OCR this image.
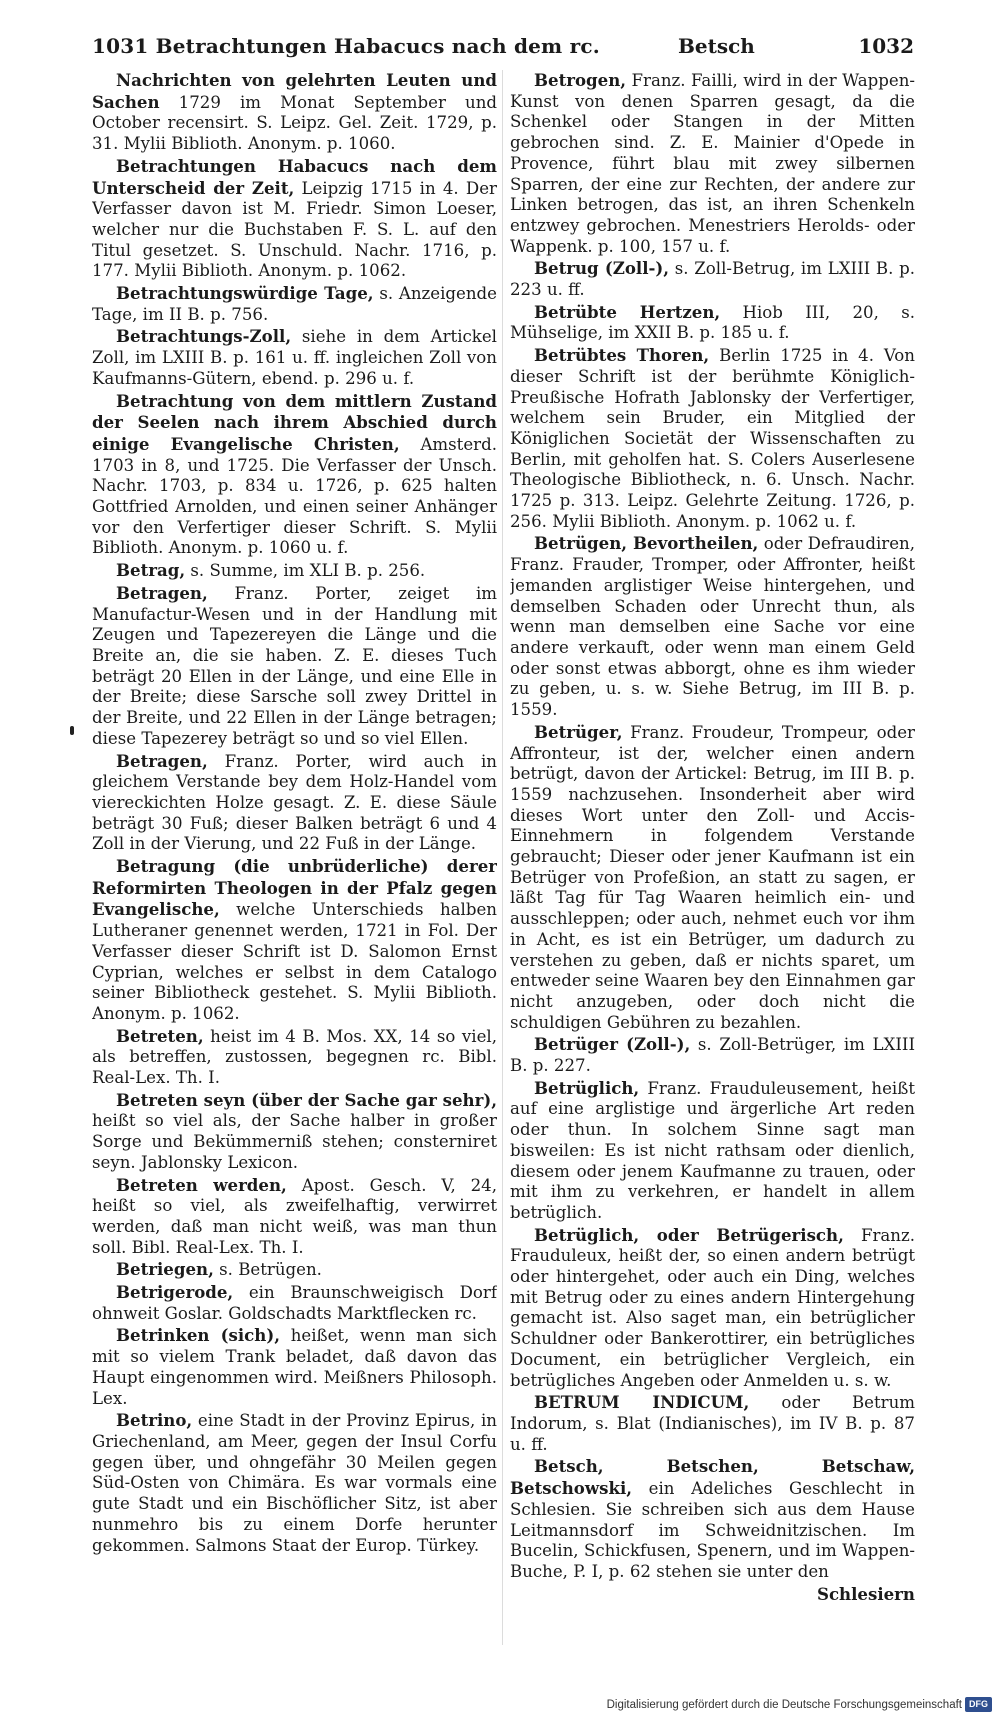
1031 Betrachtungen Habacucs nach dem rc.	Betsch	1032

Nachrichten von gelehrten Leuten und Sachen 1729 im Monat September und October recensirt. S. Leipz. Gel. Zeit. 1729, p. 31. Mylii Biblioth. Anonym. p. 1060.

Betrachtungen Habacucs nach dem Unterscheid der Zeit, Leipzig 1715 in 4. Der Verfasser davon ist M. Friedr. Simon Loeser, welcher nur die Buchstaben F. S. L. auf den Titul gesetzet. S. Unschuld. Nachr. 1716, p. 177. Mylii Biblioth. Anonym. p. 1062.

Betrachtungswürdige Tage, s. Anzeigende Tage, im II B. p. 756.

Betrachtungs-Zoll, siehe in dem Artickel Zoll, im LXIII B. p. 161 u. ff. ingleichen Zoll von Kaufmanns-Gütern, ebend. p. 296 u. f.

Betrachtung von dem mittlern Zustand der Seelen nach ihrem Abschied durch einige Evangelische Christen, Amsterd. 1703 in 8, und 1725. Die Verfasser der Unsch. Nachr. 1703, p. 834 u. 1726, p. 625 halten Gottfried Arnolden, und einen seiner Anhänger vor den Verfertiger dieser Schrift. S. Mylii Biblioth. Anonym. p. 1060 u. f.

Betrag, s. Summe, im XLI B. p. 256.

Betragen, Franz. Porter, zeiget im Manufactur-Wesen und in der Handlung mit Zeugen und Tapezereyen die Länge und die Breite an, die sie haben. Z. E. dieses Tuch beträgt 20 Ellen in der Länge, und eine Elle in der Breite; diese Sarsche soll zwey Drittel in der Breite, und 22 Ellen in der Länge betragen; diese Tapezerey beträgt so und so viel Ellen.

Betragen, Franz. Porter, wird auch in gleichem Verstande bey dem Holz-Handel vom viereckichten Holze gesagt. Z. E. diese Säule beträgt 30 Fuß; dieser Balken beträgt 6 und 4 Zoll in der Vierung, und 22 Fuß in der Länge.

Betragung (die unbrüderliche) derer Reformirten Theologen in der Pfalz gegen Evangelische, welche Unterschieds halben Lutheraner genennet werden, 1721 in Fol. Der Verfasser dieser Schrift ist D. Salomon Ernst Cyprian, welches er selbst in dem Catalogo seiner Bibliotheck gestehet. S. Mylii Biblioth. Anonym. p. 1062.

Betreten, heist im 4 B. Mos. XX, 14 so viel, als betreffen, zustossen, begegnen rc. Bibl. Real-Lex. Th. I.

Betreten seyn (über der Sache gar sehr), heißt so viel als, der Sache halber in großer Sorge und Bekümmerniß stehen; consterniret seyn. Jablonsky Lexicon.

Betreten werden, Apost. Gesch. V, 24, heißt so viel, als zweifelhaftig, verwirret werden, daß man nicht weiß, was man thun soll. Bibl. Real-Lex. Th. I.

Betriegen, s. Betrügen.

Betrigerode, ein Braunschweigisch Dorf ohnweit Goslar. Goldschadts Marktflecken rc.

Betrinken (sich), heißet, wenn man sich mit so vielem Trank beladet, daß davon das Haupt eingenommen wird. Meißners Philosoph. Lex.

Betrino, eine Stadt in der Provinz Epirus, in Griechenland, am Meer, gegen der Insul Corfu gegen über, und ohngefähr 30 Meilen gegen Süd-Osten von Chimära. Es war vormals eine gute Stadt und ein Bischöflicher Sitz, ist aber nunmehro bis zu einem Dorfe herunter gekommen. Salmons Staat der Europ. Türkey.

Betrogen, Franz. Failli, wird in der Wappen-Kunst von denen Sparren gesagt, da die Schenkel oder Stangen in der Mitten gebrochen sind. Z. E. Mainier d'Opede in Provence, führt blau mit zwey silbernen Sparren, der eine zur Rechten, der andere zur Linken betrogen, das ist, an ihren Schenkeln entzwey gebrochen. Menestriers Herolds- oder Wappenk. p. 100, 157 u. f.

Betrug (Zoll-), s. Zoll-Betrug, im LXIII B. p. 223 u. ff.

Betrübte Hertzen, Hiob III, 20, s. Mühselige, im XXII B. p. 185 u. f.

Betrübtes Thoren, Berlin 1725 in 4. Von dieser Schrift ist der berühmte Königlich-Preußische Hofrath Jablonsky der Verfertiger, welchem sein Bruder, ein Mitglied der Königlichen Societät der Wissenschaften zu Berlin, mit geholfen hat. S. Colers Auserlesene Theologische Bibliotheck, n. 6. Unsch. Nachr. 1725 p. 313. Leipz. Gelehrte Zeitung. 1726, p. 256. Mylii Biblioth. Anonym. p. 1062 u. f.

Betrügen, Bevortheilen, oder Defraudiren, Franz. Frauder, Tromper, oder Affronter, heißt jemanden arglistiger Weise hintergehen, und demselben Schaden oder Unrecht thun, als wenn man demselben eine Sache vor eine andere verkauft, oder wenn man einem Geld oder sonst etwas abborgt, ohne es ihm wieder zu geben, u. s. w. Siehe Betrug, im III B. p. 1559.

Betrüger, Franz. Froudeur, Trompeur, oder Affronteur, ist der, welcher einen andern betrügt, davon der Artickel: Betrug, im III B. p. 1559 nachzusehen. Insonderheit aber wird dieses Wort unter den Zoll- und Accis-Einnehmern in folgendem Verstande gebraucht; Dieser oder jener Kaufmann ist ein Betrüger von Profeßion, an statt zu sagen, er läßt Tag für Tag Waaren heimlich ein- und ausschleppen; oder auch, nehmet euch vor ihm in Acht, es ist ein Betrüger, um dadurch zu verstehen zu geben, daß er nichts sparet, um entweder seine Waaren bey den Einnahmen gar nicht anzugeben, oder doch nicht die schuldigen Gebühren zu bezahlen.

Betrüger (Zoll-), s. Zoll-Betrüger, im LXIII B. p. 227.

Betrüglich, Franz. Frauduleusement, heißt auf eine arglistige und ärgerliche Art reden oder thun. In solchem Sinne sagt man bisweilen: Es ist nicht rathsam oder dienlich, diesem oder jenem Kaufmanne zu trauen, oder mit ihm zu verkehren, er handelt in allem betrüglich.

Betrüglich, oder Betrügerisch, Franz. Frauduleux, heißt der, so einen andern betrügt oder hintergehet, oder auch ein Ding, welches mit Betrug oder zu eines andern Hintergehung gemacht ist. Also saget man, ein betrüglicher Schuldner oder Bankerottirer, ein betrügliches Document, ein betrüglicher Vergleich, ein betrügliches Angeben oder Anmelden u. s. w.

BETRUM INDICUM, oder Betrum Indorum, s. Blat (Indianisches), im IV B. p. 87 u. ff.

Betsch, Betschen, Betschaw, Betschowski, ein Adeliches Geschlecht in Schlesien. Sie schreiben sich aus dem Hause Leitmannsdorf im Schweidnitzischen. Im Bucelin, Schickfusen, Spenern, und im Wappen-Buche, P. I, p. 62 stehen sie unter den

Schlesiern

Digitalisierung gefördert durch die Deutsche Forschungsgemeinschaft DFG
